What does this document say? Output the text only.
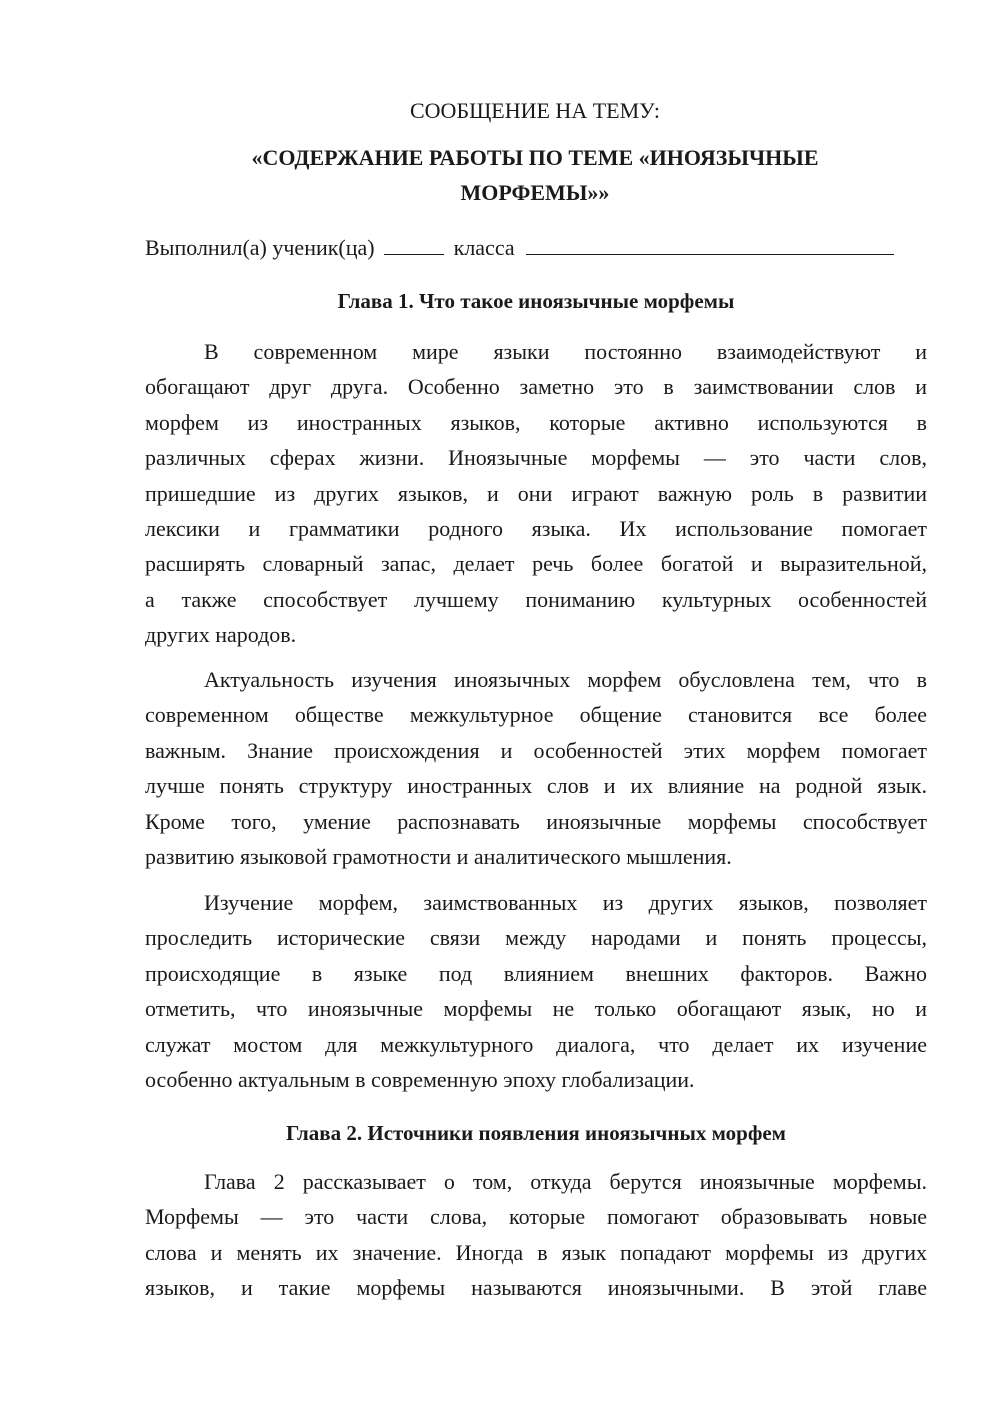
СООБЩЕНИЕ НА ТЕМУ:
«СОДЕРЖАНИЕ РАБОТЫ ПО ТЕМЕ «ИНОЯЗЫЧНЫЕ
МОРФЕМЫ»»
Выполнил(а) ученик(ца)	класса
Глава 1. Что такое иноязычные морфемы
В современном мире языки постоянно взаимодействуют и
обогащают друг друга. Особенно заметно это в заимствовании слов и
морфем из иностранных языков, которые активно используются в
различных сферах жизни. Иноязычные морфемы — это части слов,
пришедшие из других языков, и они играют важную роль в развитии
лексики и грамматики родного языка. Их использование помогает
расширять словарный запас, делает речь более богатой и выразительной,
а также способствует лучшему пониманию культурных особенностей
других народов.
Актуальность изучения иноязычных морфем обусловлена тем, что в
современном обществе межкультурное общение становится все более
важным. Знание происхождения и особенностей этих морфем помогает
лучше понять структуру иностранных слов и их влияние на родной язык.
Кроме того, умение распознавать иноязычные морфемы способствует
развитию языковой грамотности и аналитического мышления.
Изучение морфем, заимствованных из других языков, позволяет
проследить исторические связи между народами и понять процессы,
происходящие в языке под влиянием внешних факторов. Важно
отметить, что иноязычные морфемы не только обогащают язык, но и
служат мостом для межкультурного диалога, что делает их изучение
особенно актуальным в современную эпоху глобализации.
Глава 2. Источники появления иноязычных морфем
Глава 2 рассказывает о том, откуда берутся иноязычные морфемы.
Морфемы — это части слова, которые помогают образовывать новые
слова и менять их значение. Иногда в язык попадают морфемы из других
языков, и такие морфемы называются иноязычными. В этой главе
